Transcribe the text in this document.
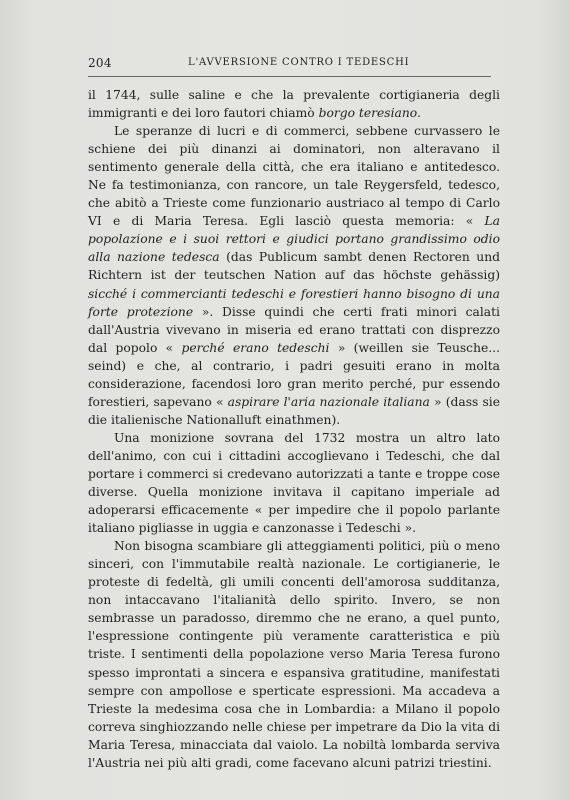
204	L'AVVERSIONE CONTRO I TEDESCHI

il 1744, sulle saline e che la prevalente cortigianeria degli immigranti e dei loro fautori chiamò borgo teresiano.

Le speranze di lucri e di commerci, sebbene curvassero le schiene dei più dinanzi ai dominatori, non alteravano il sentimento generale della città, che era italiano e antitedesco. Ne fa testimonianza, con rancore, un tale Reygersfeld, tedesco, che abitò a Trieste come funzionario austriaco al tempo di Carlo VI e di Maria Teresa. Egli lasciò questa memoria: « La popolazione e i suoi rettori e giudici portano grandissimo odio alla nazione tedesca (das Publicum sambt denen Rectoren und Richtern ist der teutschen Nation auf das höchste gehässig) sicché i commercianti tedeschi e forestieri hanno bisogno di una forte protezione ». Disse quindi che certi frati minori calati dall'Austria vivevano in miseria ed erano trattati con disprezzo dal popolo « perché erano tedeschi » (weillen sie Teusche... seind) e che, al contrario, i padri gesuiti erano in molta considerazione, facendosi loro gran merito perché, pur essendo forestieri, sapevano « aspirare l'aria nazionale italiana » (dass sie die italienische Nationalluft einathmen).

Una monizione sovrana del 1732 mostra un altro lato dell'animo, con cui i cittadini accoglievano i Tedeschi, che dal portare i commerci si credevano autorizzati a tante e troppe cose diverse. Quella monizione invitava il capitano imperiale ad adoperarsi efficacemente « per impedire che il popolo parlante italiano pigliasse in uggia e canzonasse i Tedeschi ».

Non bisogna scambiare gli atteggiamenti politici, più o meno sinceri, con l'immutabile realtà nazionale. Le cortigianerie, le proteste di fedeltà, gli umili concenti dell'amorosa sudditanza, non intaccavano l'italianità dello spirito. Invero, se non sembrasse un paradosso, diremmo che ne erano, a quel punto, l'espressione contingente più veramente caratteristica e più triste. I sentimenti della popolazione verso Maria Teresa furono spesso improntati a sincera e espansiva gratitudine, manifestati sempre con ampollose e sperticate espressioni. Ma accadeva a Trieste la medesima cosa che in Lombardia: a Milano il popolo correva singhiozzando nelle chiese per impetrare da Dio la vita di Maria Teresa, minacciata dal vaiolo. La nobiltà lombarda serviva l'Austria nei più alti gradi, come facevano alcuni patrizi triestini.
